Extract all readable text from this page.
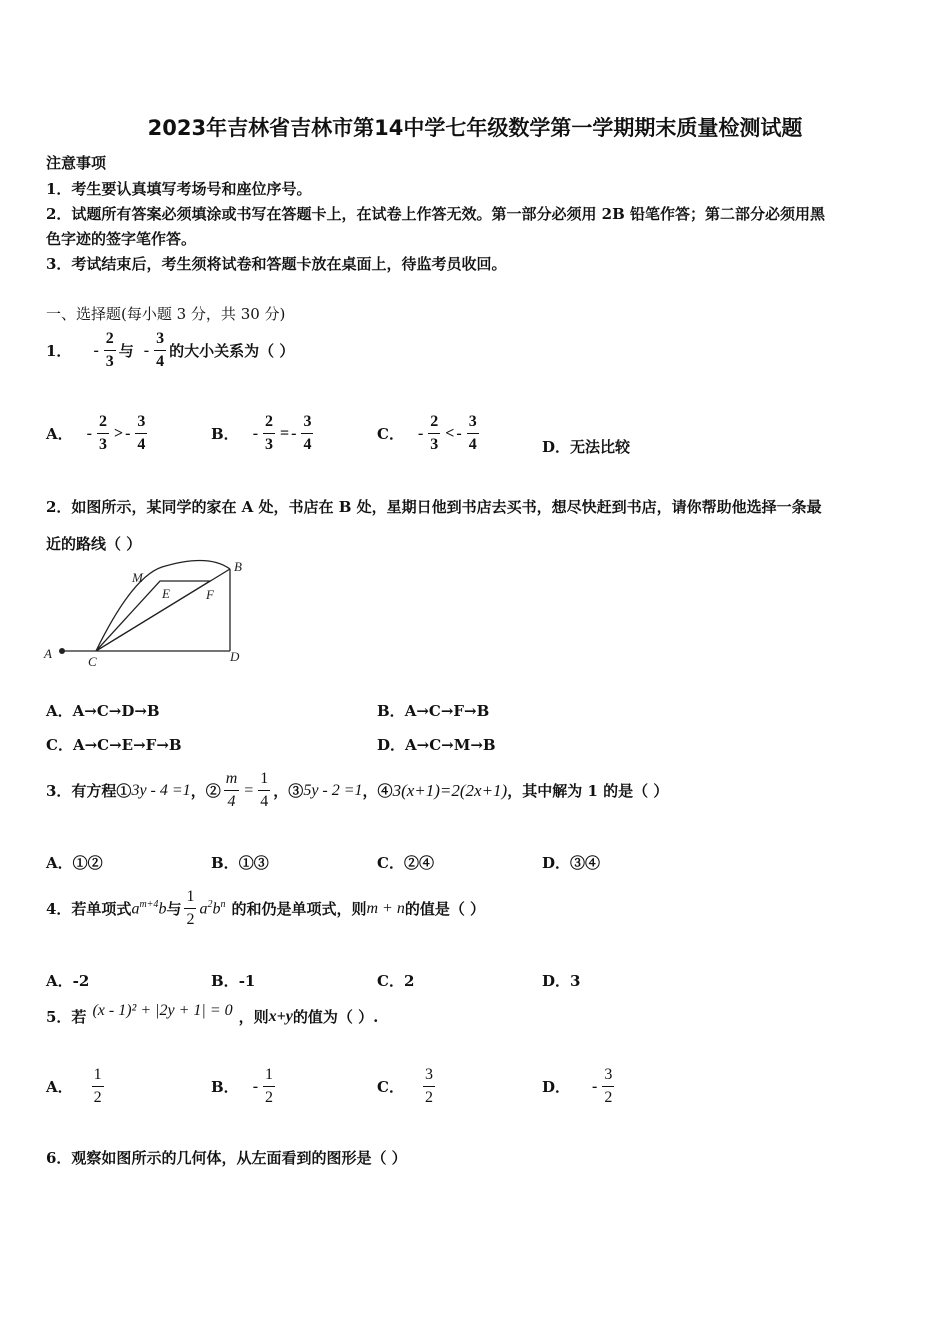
2023年吉林省吉林市第14中学七年级数学第一学期期末质量检测试题
注意事项
1．考生要认真填写考场号和座位序号。
2．试题所有答案必须填涂或书写在答题卡上，在试卷上作答无效。第一部分必须用 2B 铅笔作答；第二部分必须用黑
色字迹的签字笔作答。
3．考试结束后，考生须将试卷和答题卡放在桌面上，待监考员收回。
一、选择题(每小题 3 分，共 30 分)
1． - $\frac{2}{3}$ 与 - $\frac{3}{4}$ 的大小关系为（ ）
A． - $\frac{2}{3}$ > - $\frac{3}{4}$	B． - $\frac{2}{3}$ = - $\frac{3}{4}$	C． - $\frac{2}{3}$ < - $\frac{3}{4}$	D．无法比较
2．如图所示，某同学的家在 A 处，书店在 B 处，星期日他到书店去买书，想尽快赶到书店，请你帮助他选择一条最
近的路线（ ）
A
B
C	D
E	F
M
A．A→C→D→B	B．A→C→F→B
C．A→C→E→F→B	D．A→C→M→B
3．有方程① 3y - 4 =1 ，② $\frac{m}{4} = \frac{1}{4}$ ，③ 5y - 2 =1 ，④ 3(x+1)=2(2x+1) ，其中解为 1 的是（ ）
A．①②	B．①③	C．②④	D．③④
4．若单项式 $a^{m+4}b$ 与 $\frac{1}{2} a^2b^n$ 的和仍是单项式，则 m + n 的值是（ ）
A．-2	B．-1	C．2	D．3
5．若 (x - 1)² + |2y + 1| = 0 ，则 x+y 的值为（ ）.
A． $\frac{1}{2}$	B． - $\frac{1}{2}$	C． $\frac{3}{2}$	D． - $\frac{3}{2}$
6．观察如图所示的几何体，从左面看到的图形是（ ）
